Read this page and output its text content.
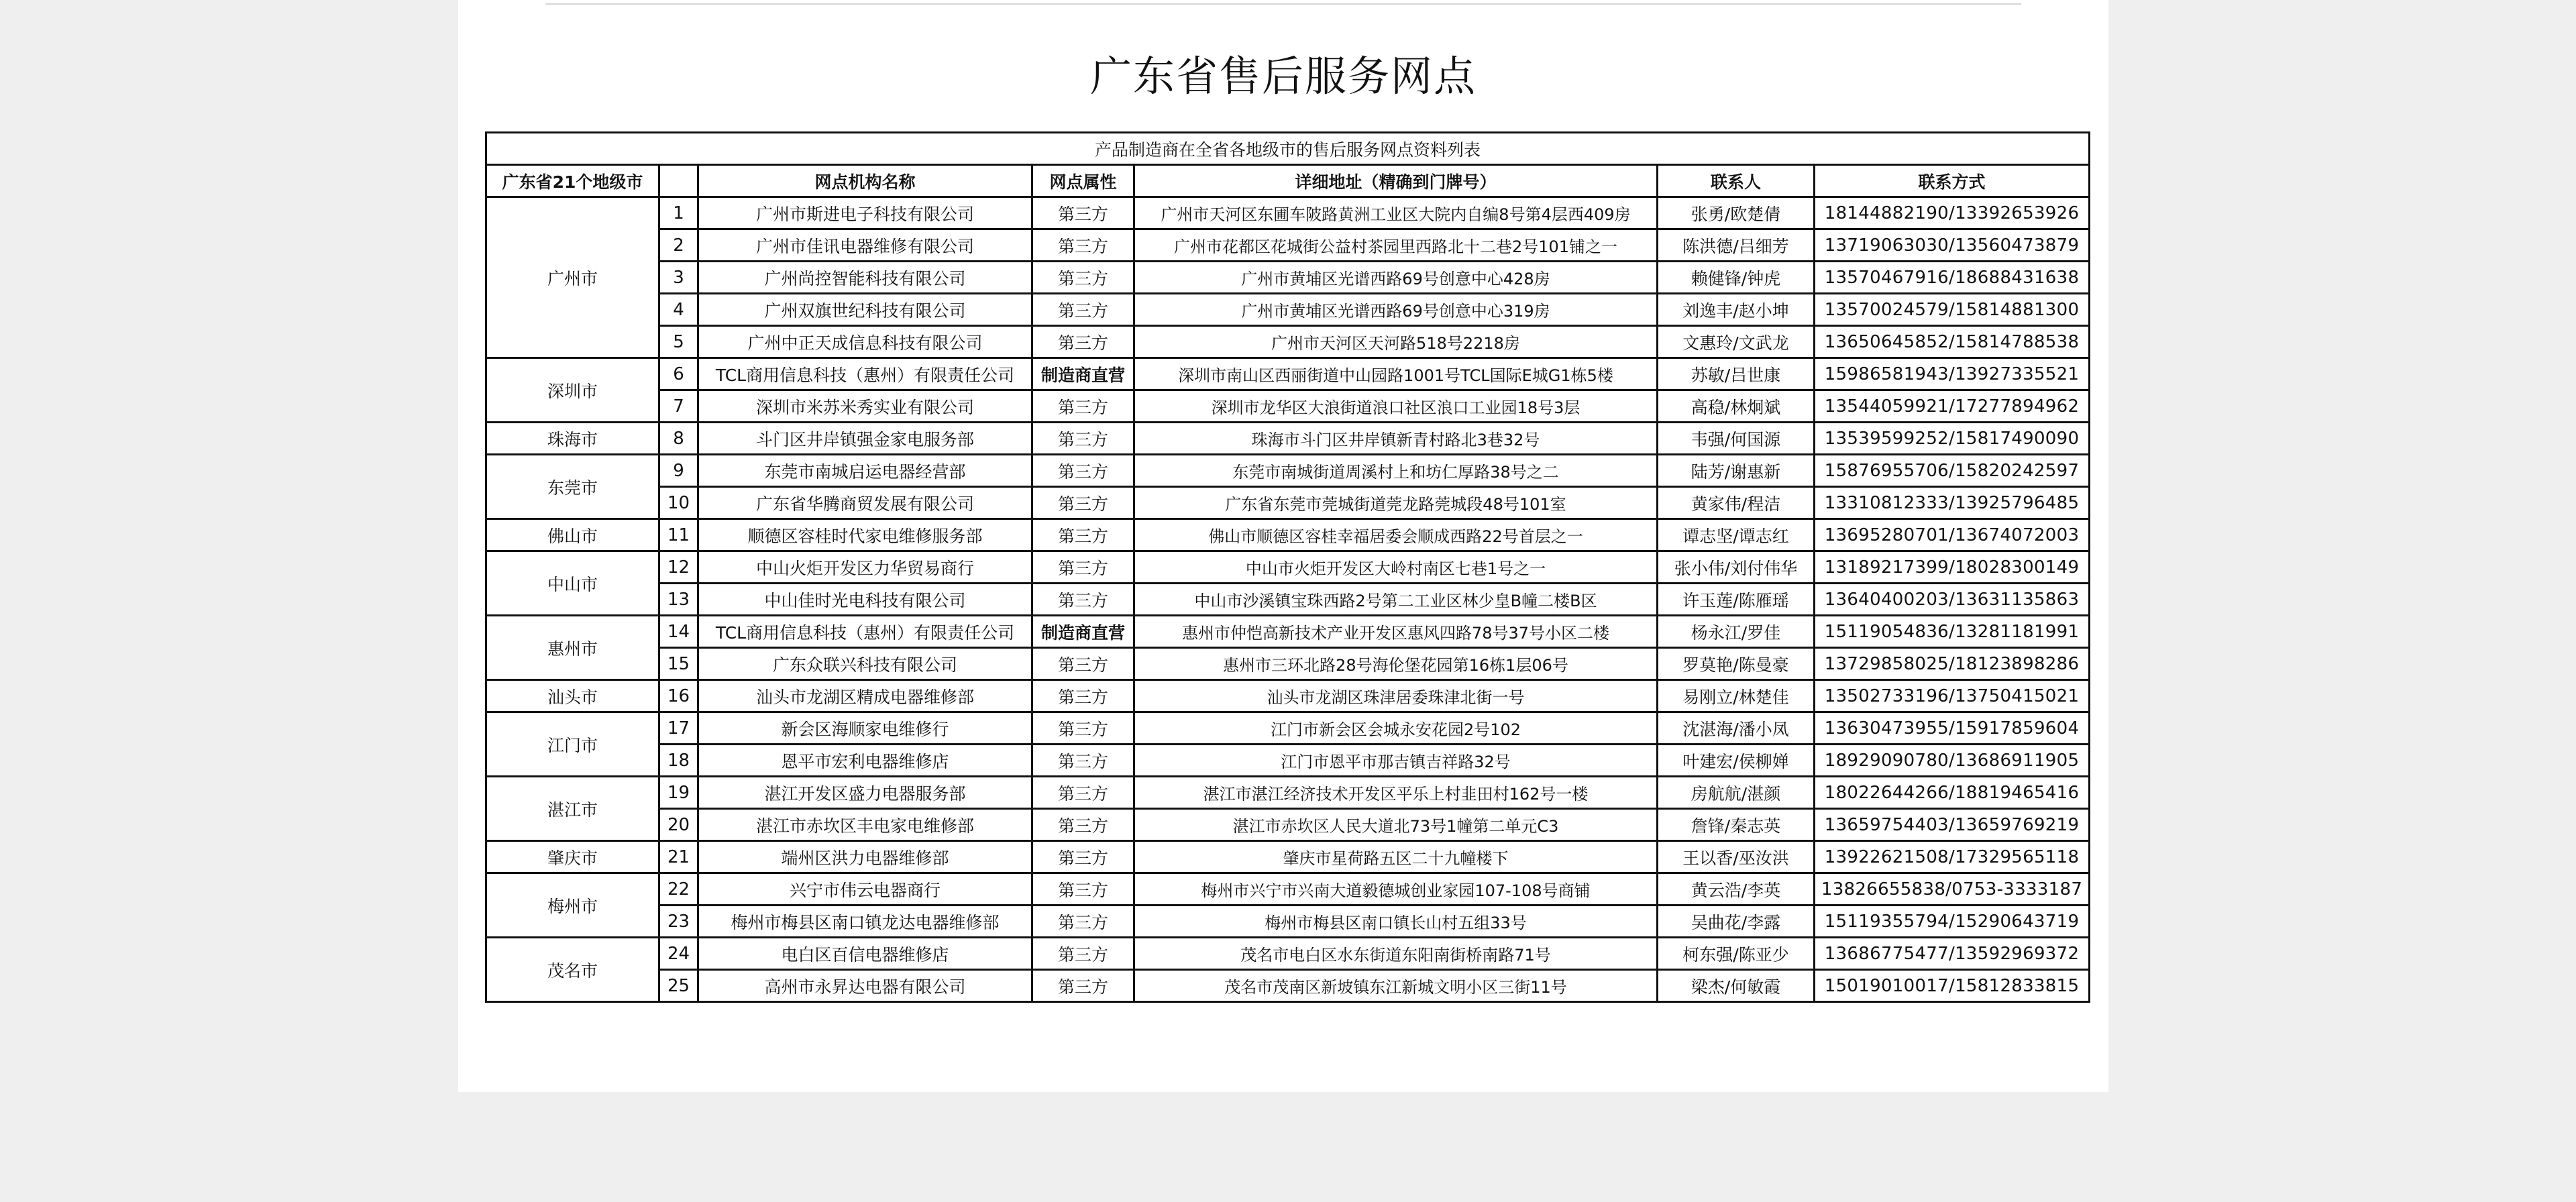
广东省售后服务网点
产品制造商在全省各地级市的售后服务网点资料列表						
广东省21个地级市		网点机构名称	网点属性	详细地址（精确到门牌号）	联系人	联系方式
广州市	1	广州市斯进电子科技有限公司	第三方	广州市天河区东圃车陂路黄洲工业区大院内自编8号第4层西409房	张勇/欧楚倩	18144882190/13392653926
	2	广州市佳讯电器维修有限公司	第三方	广州市花都区花城街公益村茶园里西路北十二巷2号101铺之一	陈洪德/吕细芳	13719063030/13560473879
	3	广州尚控智能科技有限公司	第三方	广州市黄埔区光谱西路69号创意中心428房	赖健锋/钟虎	13570467916/18688431638
	4	广州双旗世纪科技有限公司	第三方	广州市黄埔区光谱西路69号创意中心319房	刘逸丰/赵小坤	13570024579/15814881300
	5	广州中正天成信息科技有限公司	第三方	广州市天河区天河路518号2218房	文惠玲/文武龙	13650645852/15814788538
深圳市	6	TCL商用信息科技（惠州）有限责任公司	制造商直营	深圳市南山区西丽街道中山园路1001号TCL国际E城G1栋5楼	苏敏/吕世康	15986581943/13927335521
	7	深圳市米苏米秀实业有限公司	第三方	深圳市龙华区大浪街道浪口社区浪口工业园18号3层	高稳/林炯斌	13544059921/17277894962
珠海市	8	斗门区井岸镇强金家电服务部	第三方	珠海市斗门区井岸镇新青村路北3巷32号	韦强/何国源	13539599252/15817490090
东莞市	9	东莞市南城启运电器经营部	第三方	东莞市南城街道周溪村上和坊仁厚路38号之二	陆芳/谢惠新	15876955706/15820242597
	10	广东省华腾商贸发展有限公司	第三方	广东省东莞市莞城街道莞龙路莞城段48号101室	黄家伟/程洁	13310812333/13925796485
佛山市	11	顺德区容桂时代家电维修服务部	第三方	佛山市顺德区容桂幸福居委会顺成西路22号首层之一	谭志坚/谭志红	13695280701/13674072003
中山市	12	中山火炬开发区力华贸易商行	第三方	中山市火炬开发区大岭村南区七巷1号之一	张小伟/刘付伟华	13189217399/18028300149
	13	中山佳时光电科技有限公司	第三方	中山市沙溪镇宝珠西路2号第二工业区林少皇B幢二楼B区	许玉莲/陈雁瑶	13640400203/13631135863
惠州市	14	TCL商用信息科技（惠州）有限责任公司	制造商直营	惠州市仲恺高新技术产业开发区惠风四路78号37号小区二楼	杨永江/罗佳	15119054836/13281181991
	15	广东众联兴科技有限公司	第三方	惠州市三环北路28号海伦堡花园第16栋1层06号	罗莫艳/陈曼豪	13729858025/18123898286
汕头市	16	汕头市龙湖区精成电器维修部	第三方	汕头市龙湖区珠津居委珠津北街一号	易刚立/林楚佳	13502733196/13750415021
江门市	17	新会区海顺家电维修行	第三方	江门市新会区会城永安花园2号102	沈湛海/潘小凤	13630473955/15917859604
	18	恩平市宏利电器维修店	第三方	江门市恩平市那吉镇吉祥路32号	叶建宏/侯柳婵	18929090780/13686911905
湛江市	19	湛江开发区盛力电器服务部	第三方	湛江市湛江经济技术开发区平乐上村韭田村162号一楼	房航航/湛颜	18022644266/18819465416
	20	湛江市赤坎区丰电家电维修部	第三方	湛江市赤坎区人民大道北73号1幢第二单元C3	詹锋/秦志英	13659754403/13659769219
肇庆市	21	端州区洪力电器维修部	第三方	肇庆市星荷路五区二十九幢楼下	王以香/巫汝洪	13922621508/17329565118
梅州市	22	兴宁市伟云电器商行	第三方	梅州市兴宁市兴南大道毅德城创业家园107-108号商铺	黄云浩/李英	13826655838/0753-3333187
	23	梅州市梅县区南口镇龙达电器维修部	第三方	梅州市梅县区南口镇长山村五组33号	吴曲花/李露	15119355794/15290643719
茂名市	24	电白区百信电器维修店	第三方	茂名市电白区水东街道东阳南街桥南路71号	柯东强/陈亚少	13686775477/13592969372
	25	高州市永昇达电器有限公司	第三方	茂名市茂南区新坡镇东江新城文明小区三街11号	梁杰/何敏霞	15019010017/15812833815
